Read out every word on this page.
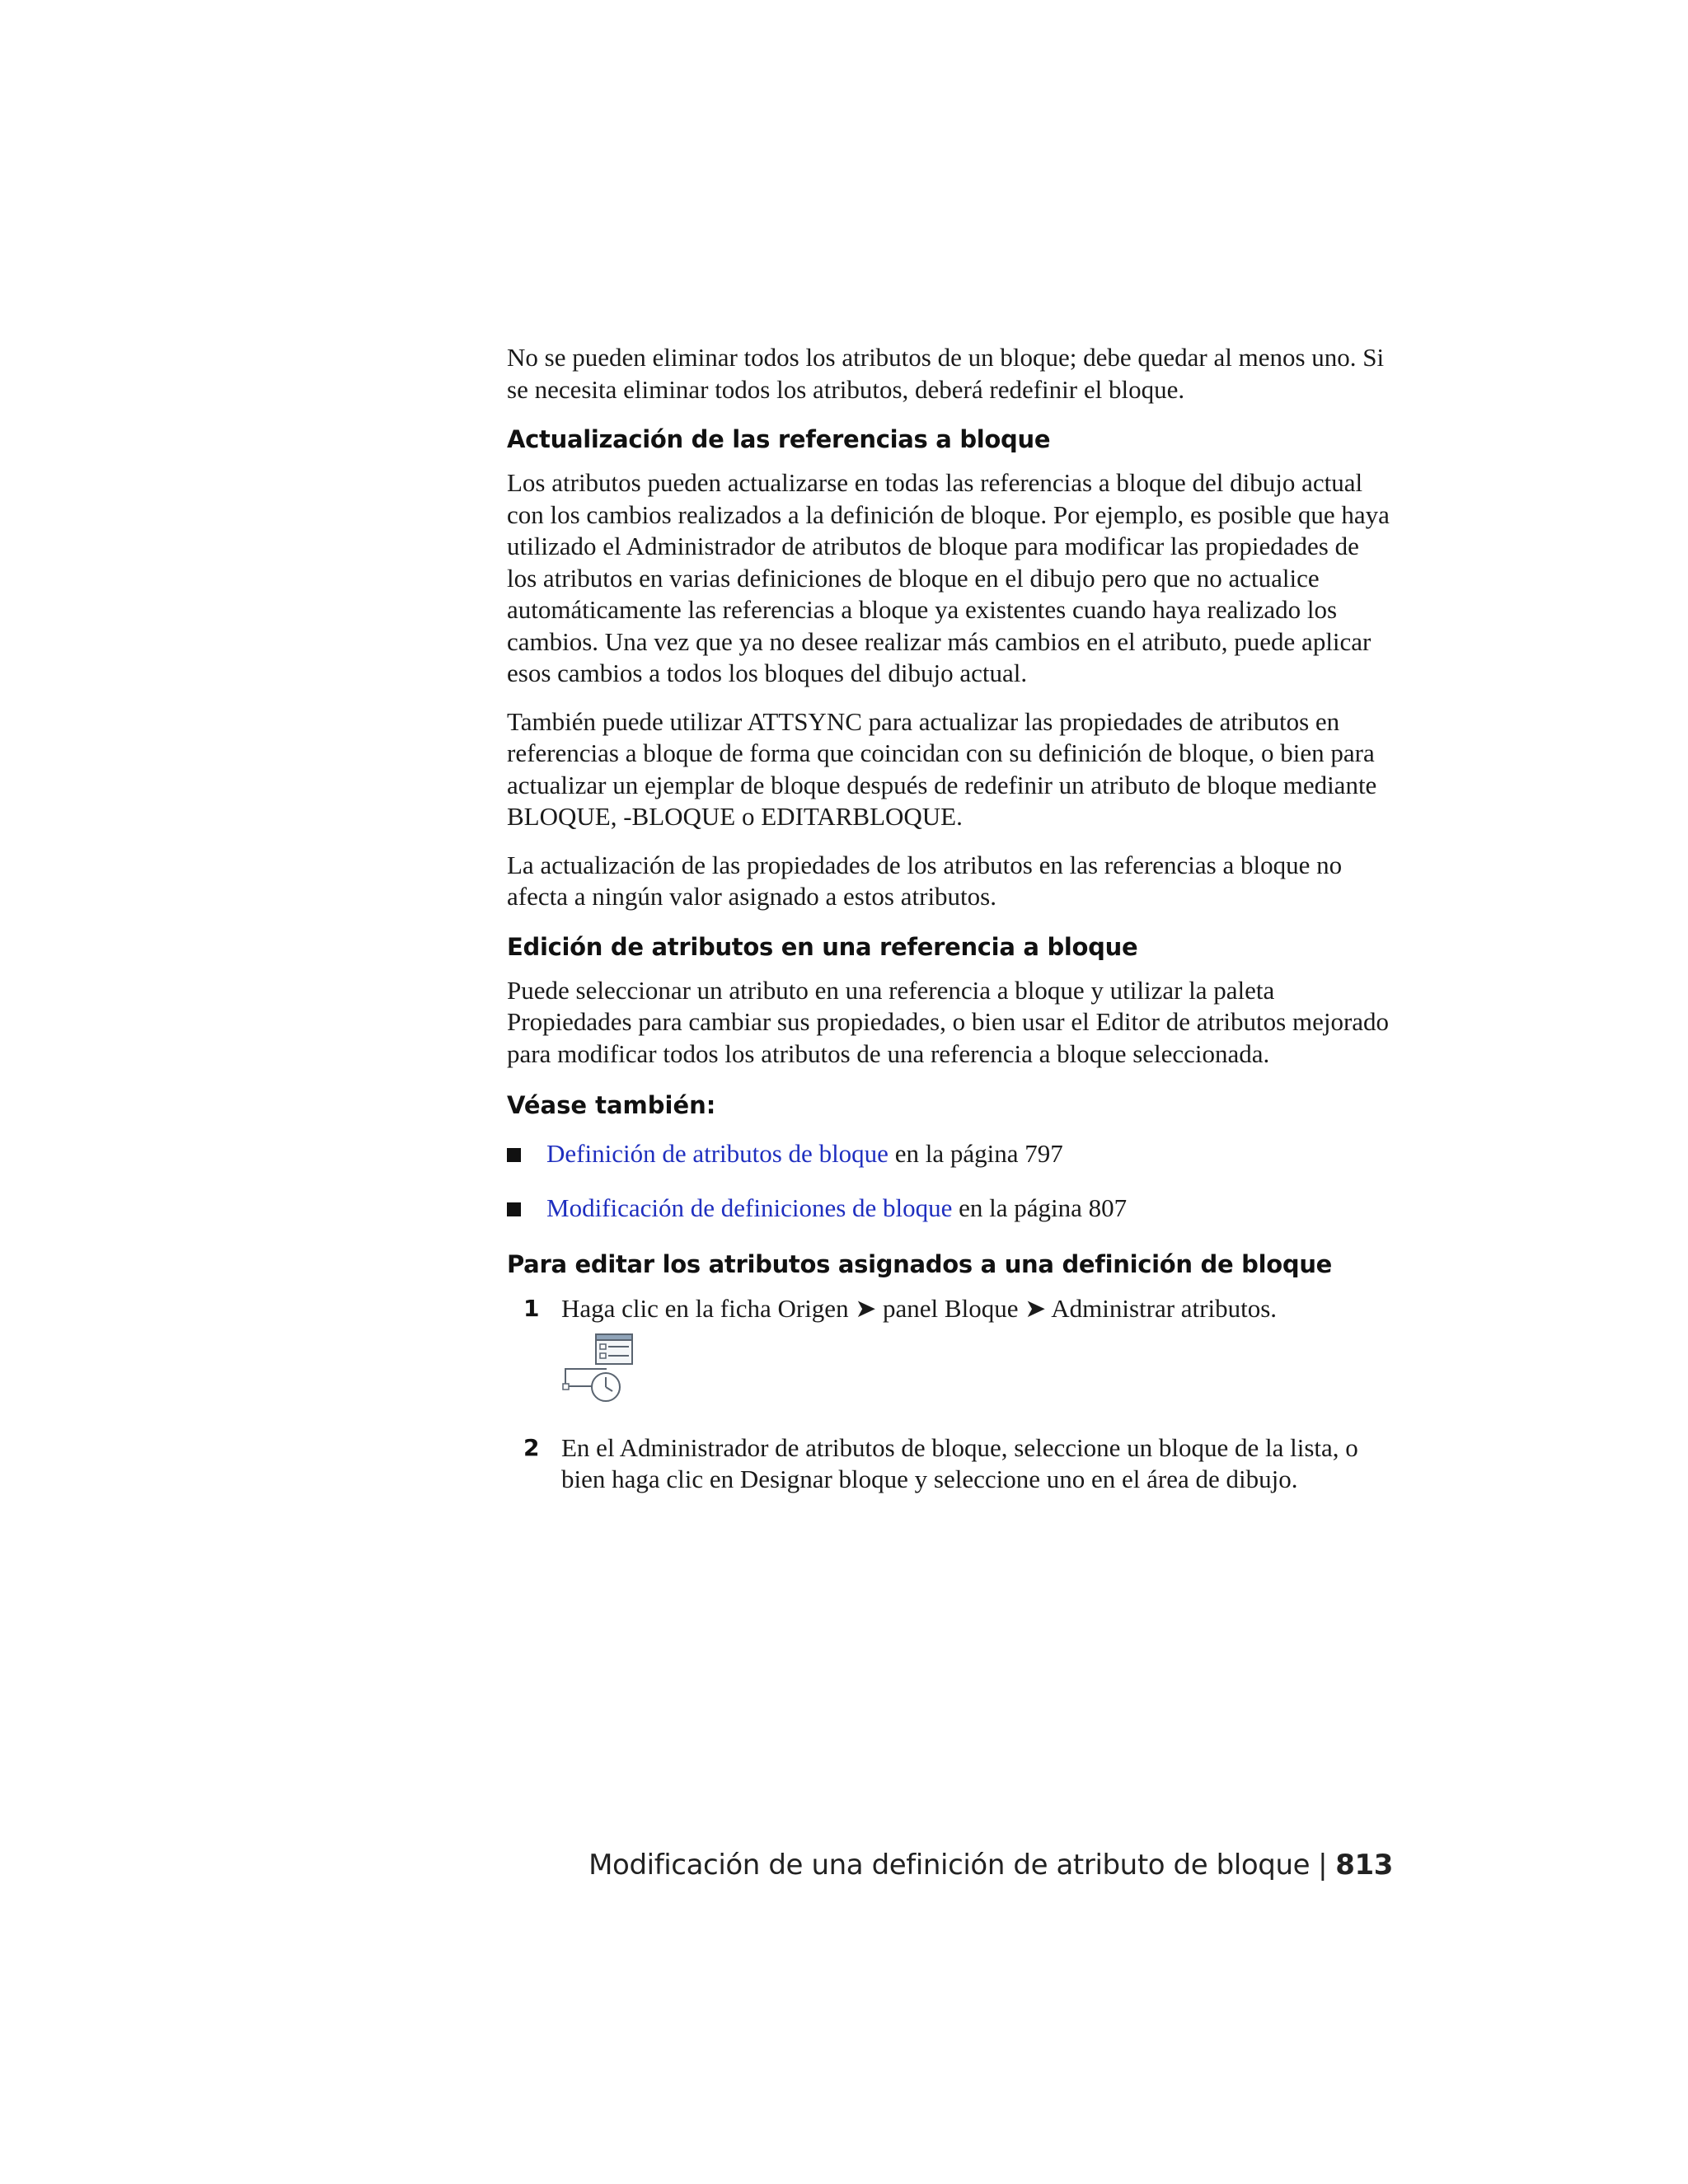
No se pueden eliminar todos los atributos de un bloque; debe quedar al menos uno. Si se necesita eliminar todos los atributos, deberá redefinir el bloque.

Actualización de las referencias a bloque

Los atributos pueden actualizarse en todas las referencias a bloque del dibujo actual con los cambios realizados a la definición de bloque. Por ejemplo, es posible que haya utilizado el Administrador de atributos de bloque para modificar las propiedades de los atributos en varias definiciones de bloque en el dibujo pero que no actualice automáticamente las referencias a bloque ya existentes cuando haya realizado los cambios. Una vez que ya no desee realizar más cambios en el atributo, puede aplicar esos cambios a todos los bloques del dibujo actual.

También puede utilizar ATTSYNC para actualizar las propiedades de atributos en referencias a bloque de forma que coincidan con su definición de bloque, o bien para actualizar un ejemplar de bloque después de redefinir un atributo de bloque mediante BLOQUE, -BLOQUE o EDITARBLOQUE.

La actualización de las propiedades de los atributos en las referencias a bloque no afecta a ningún valor asignado a estos atributos.

Edición de atributos en una referencia a bloque

Puede seleccionar un atributo en una referencia a bloque y utilizar la paleta Propiedades para cambiar sus propiedades, o bien usar el Editor de atributos mejorado para modificar todos los atributos de una referencia a bloque seleccionada.

Véase también:

Definición de atributos de bloque en la página 797
Modificación de definiciones de bloque en la página 807
Para editar los atributos asignados a una definición de bloque
1 Haga clic en la ficha Origen ➤ panel Bloque ➤ Administrar atributos.
2 En el Administrador de atributos de bloque, seleccione un bloque de la lista, o bien haga clic en Designar bloque y seleccione uno en el área de dibujo.
Modificación de una definición de atributo de bloque | 813
